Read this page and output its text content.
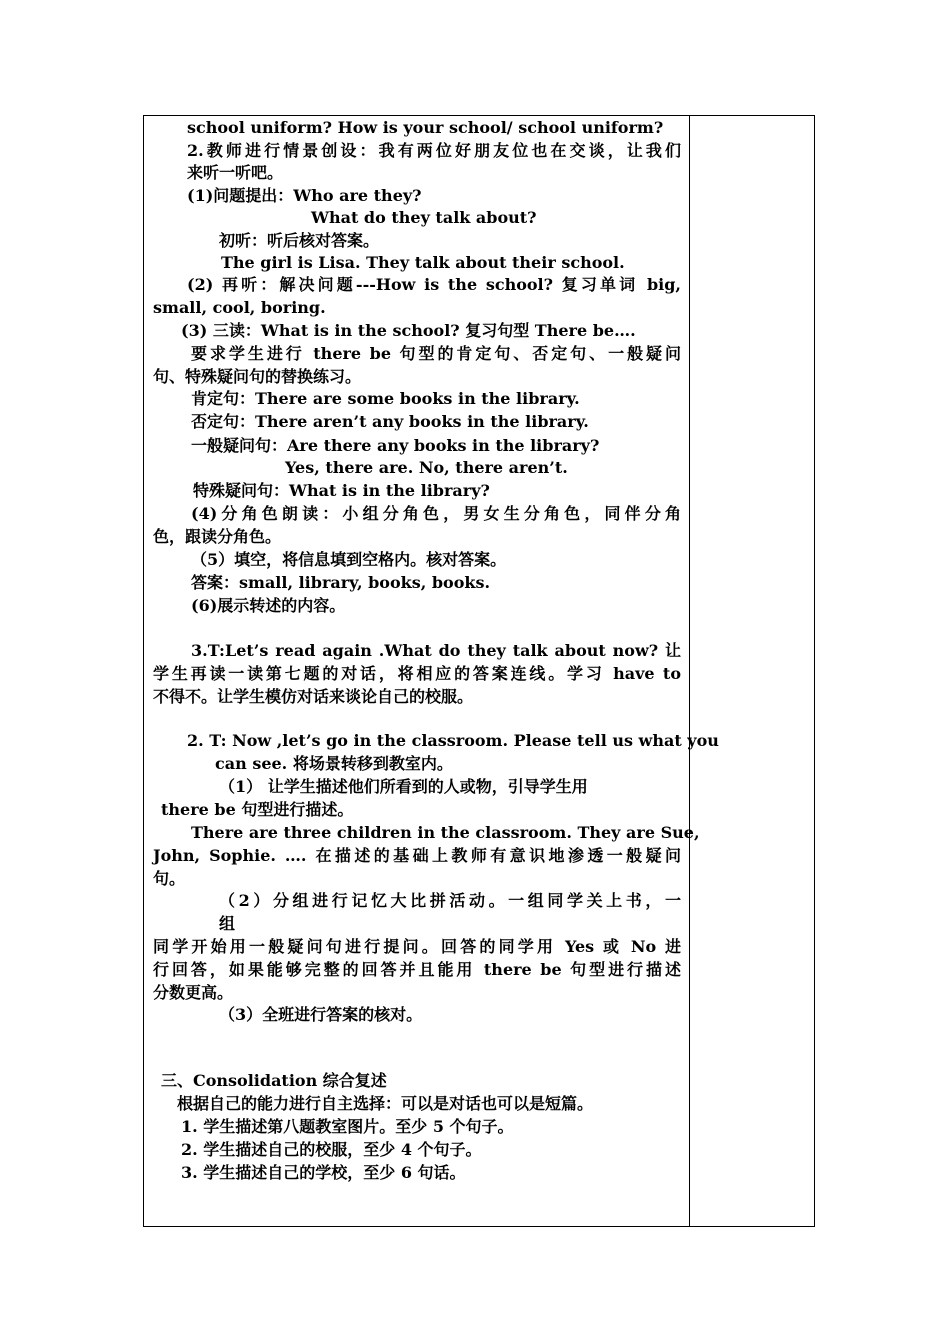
school uniform? How is your school/ school uniform?
2.教师进行情景创设：我有两位好朋友位也在交谈，让我们
来听一听吧。
(1)问题提出：Who are they?
What do they talk about?
初听：听后核对答案。
The girl is Lisa. They talk about their school.
(2) 再听：解决问题---How is the school? 复习单词 big,
small, cool, boring.
(3) 三读：What is in the school? 复习句型 There be….
要求学生进行 there be 句型的肯定句、否定句、一般疑问
句、特殊疑问句的替换练习。
肯定句：There are some books in the library.
否定句：There aren’t any books in the library.
一般疑问句：Are there any books in the library?
Yes, there are. No, there aren’t.
特殊疑问句：What is in the library?
(4)分角色朗读：小组分角色，男女生分角色，同伴分角
色，跟读分角色。
（5）填空，将信息填到空格内。核对答案。
答案：small, library, books, books.
(6)展示转述的内容。
3.T:Let’s read again .What do they talk about now? 让
学生再读一读第七题的对话，将相应的答案连线。学习 have to
不得不。让学生模仿对话来谈论自己的校服。
2. T: Now ,let’s go in the classroom. Please tell us what you
can see. 将场景转移到教室内。
（1） 让学生描述他们所看到的人或物，引导学生用
there be 句型进行描述。
There are three children in the classroom. They are Sue,
John, Sophie. …. 在描述的基础上教师有意识地渗透一般疑问
句。
（2）分组进行记忆大比拼活动。一组同学关上书，一
组
同学开始用一般疑问句进行提问。回答的同学用 Yes 或 No 进
行回答，如果能够完整的回答并且能用 there be 句型进行描述
分数更高。
（3）全班进行答案的核对。
三、Consolidation 综合复述
根据自己的能力进行自主选择：可以是对话也可以是短篇。
1. 学生描述第八题教室图片。至少 5 个句子。
2. 学生描述自己的校服，至少 4 个句子。
3. 学生描述自己的学校，至少 6 句话。
